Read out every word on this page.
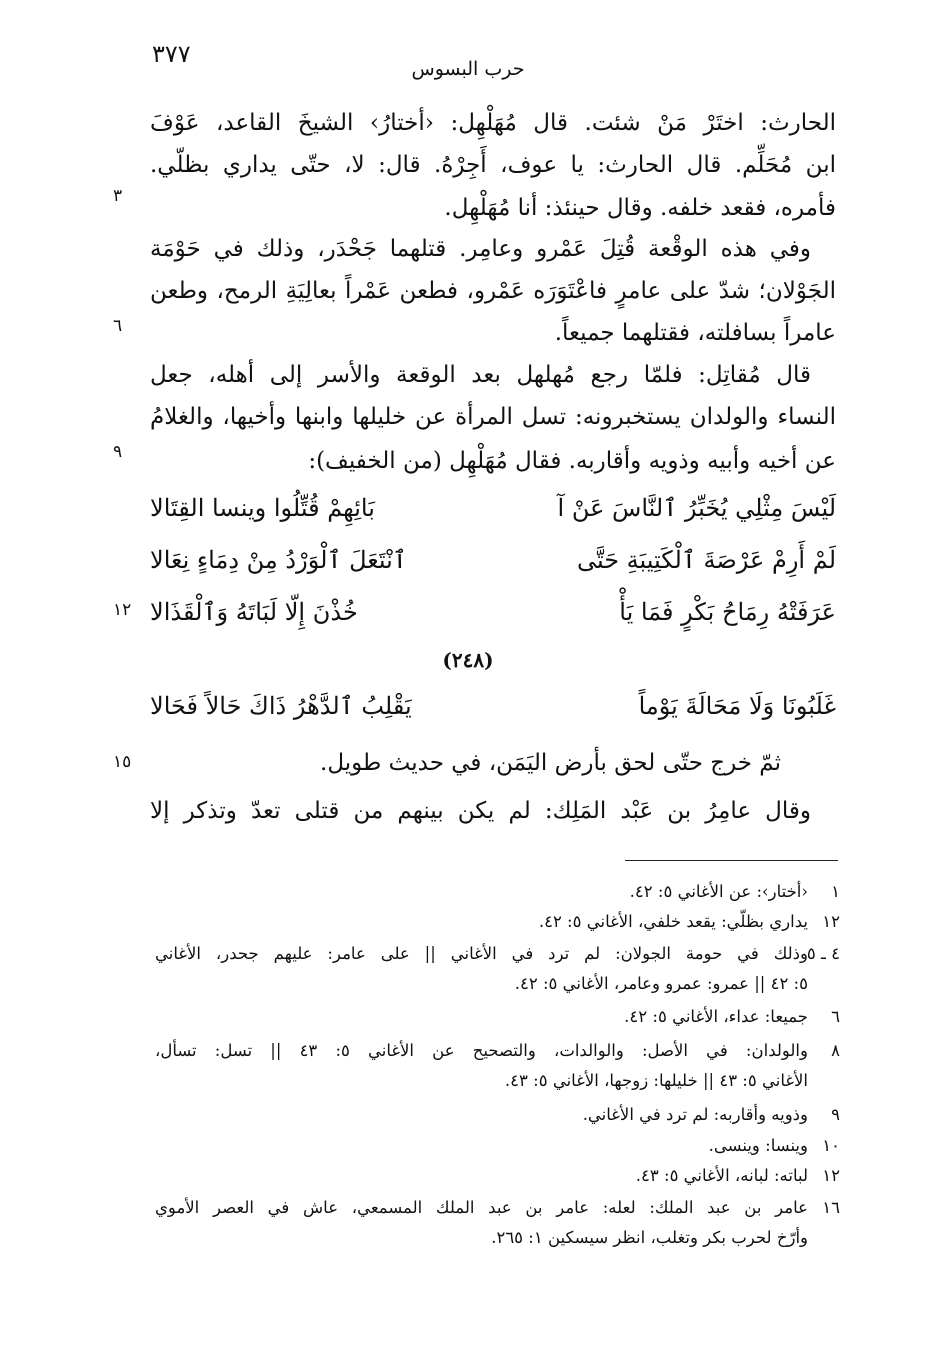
٣٧٧
حرب البسوس
الحارث: اختَرْ مَنْ شئت. قال مُهَلْهِل: ‹أختارُ› الشيخَ القاعد، عَوْفَ
ابن مُحَلِّم. قال الحارث: يا عوف، أَجِرْهُ. قال: لا، حتّى يداري بظلّي.
فأمره، فقعد خلفه. وقال حينئذ: أنا مُهَلْهِل.
وفي هذه الوقْعة قُتِلَ عَمْرو وعامِر. قتلهما جَحْدَر، وذلك في حَوْمَة
الجَوْلان؛ شدّ على عامرٍ فاعْتَوَرَه عَمْرو، فطعن عَمْراً بعالِيَةِ الرمح، وطعن
عامراً بسافلته، فقتلهما جميعاً.
قال مُقاتِل: فلمّا رجع مُهلهل بعد الوقعة والأسر إلى أهله، جعل
النساء والولدان يستخبرونه: تسل المرأة عن خليلها وابنها وأخيها، والغلامُ
عن أخيه وأبيه وذويه وأقاربه. فقال مُهَلْهِل (من الخفيف):
٣
٦
٩
١٢
١٥
لَيْسَ مِثْلِي يُخَبِّرُ ٱلنَّاسَ عَنْ آ
بَائِهِمْ قُتِّلُوا وينسا القِتَالا
لَمْ أَرِمْ عَرْصَةَ ٱلْكَتِيبَةِ حَتَّى
ٱنْتَعَلَ ٱلْوَرْدُ مِنْ دِمَاءٍ نِعَالا
عَرَفَتْهُ رِمَاحُ بَكْرٍ فَمَا يَأْ
خُذْنَ إِلّا لَبَاتَهُ وَٱلْقَذَالا
(٢٤٨)
غَلَبُونَا وَلَا مَحَالَةَ يَوْماً
يَقْلِبُ ٱلدَّهْرُ ذَاكَ حَالاً فَحَالا
ثمّ خرج حتّى لحق بأرض اليَمَن، في حديث طويل.
وقال عامِرُ بن عَبْد المَلِك: لم يكن بينهم من قتلى تعدّ وتذكر إلا
١
‹أختار›: عن الأغاني ٥: ٤٢.
١٢
يداري بظلّي: يقعد خلفي، الأغاني ٥: ٤٢.
٤ ـ ٥
وذلك في حومة الجولان: لم ترد في الأغاني || على عامر: عليهم جحدر، الأغاني
٥: ٤٢ || عمرو: عمرو وعامر، الأغاني ٥: ٤٢.
٦
جميعا: عداء، الأغاني ٥: ٤٢.
٨
والولدان: في الأصل: والوالدات، والتصحيح عن الأغاني ٥: ٤٣ || تسل: تسأل،
الأغاني ٥: ٤٣ || خليلها: زوجها، الأغاني ٥: ٤٣.
٩
وذويه وأقاربه: لم ترد في الأغاني.
١٠
وينسا: وينسى.
١٢
لباته: لبانه، الأغاني ٥: ٤٣.
١٦
عامر بن عبد الملك: لعله: عامر بن عبد الملك المسمعي، عاش في العصر الأموي
وأرّخ لحرب بكر وتغلب، انظر سيسكين ١: ٢٦٥.
